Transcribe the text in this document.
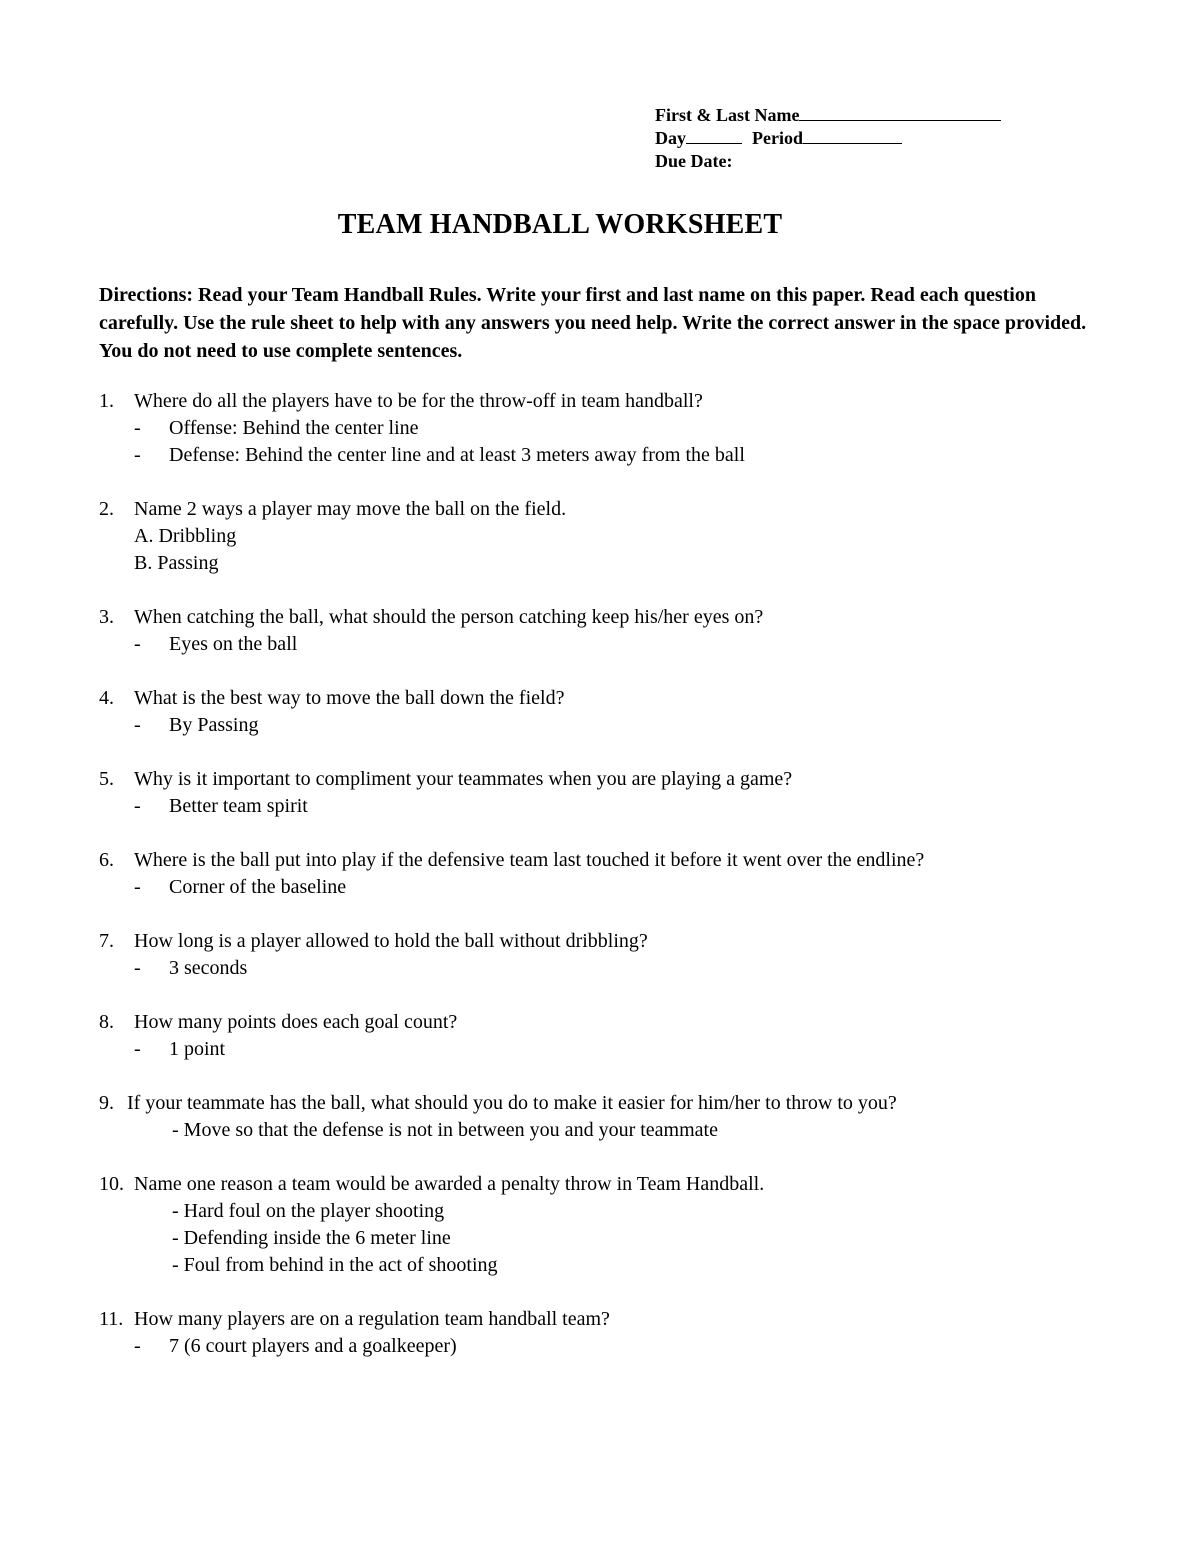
First & Last Name
Day	Period
Due Date:
TEAM HANDBALL WORKSHEET
Directions: Read your Team Handball Rules. Write your first and last name on this paper. Read each question carefully. Use the rule sheet to help with any answers you need help. Write the correct answer in the space provided. You do not need to use complete sentences.
1.	Where do all the players have to be for the throw-off in team handball?
-	Offense: Behind the center line
-	Defense: Behind the center line and at least 3 meters away from the ball
2.	Name 2 ways a player may move the ball on the field.
A. Dribbling
B. Passing
3.	When catching the ball, what should the person catching keep his/her eyes on?
-	Eyes on the ball
4.	What is the best way to move the ball down the field?
-	By Passing
5.	Why is it important to compliment your teammates when you are playing a game?
-	Better team spirit
6.	Where is the ball put into play if the defensive team last touched it before it went over the endline?
-	Corner of the baseline
7.	How long is a player allowed to hold the ball without dribbling?
-	3 seconds
8.	How many points does each goal count?
-	1 point
9. If your teammate has the ball, what should you do to make it easier for him/her to throw to you?
- Move so that the defense is not in between you and your teammate
10. Name one reason a team would be awarded a penalty throw in Team Handball.
- Hard foul on the player shooting
- Defending inside the 6 meter line
- Foul from behind in the act of shooting
11. How many players are on a regulation team handball team?
-	7 (6 court players and a goalkeeper)
